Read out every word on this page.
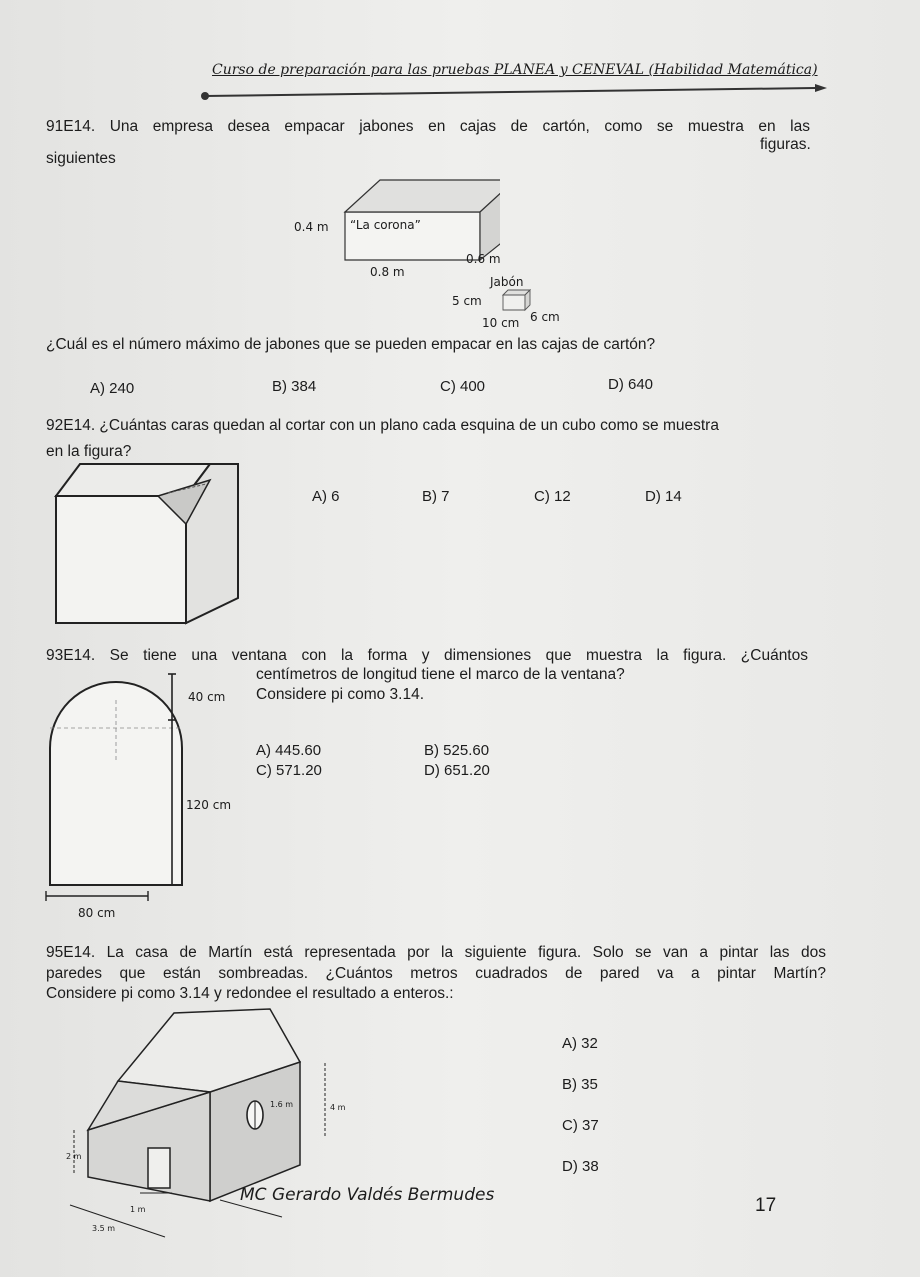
Curso de preparación para las pruebas PLANEA y CENEVAL (Habilidad Matemática)
91E14. Una empresa desea empacar jabones en cajas de cartón, como se muestra en las
siguientes
figuras.
0.4 m “La corona”
0.6 m
0.8 m
Jabón
5 cm
10 cm 6 cm
¿Cuál es el número máximo de jabones que se pueden empacar en las cajas de cartón?
A) 240	B) 384	C) 400	D) 640
92E14. ¿Cuántas caras quedan al cortar con un plano cada esquina de un cubo como se muestra
en la figura?
A) 6	B) 7	C) 12	D) 14
93E14. Se tiene una ventana con la forma y dimensiones que muestra la figura. ¿Cuántos
centímetros de longitud tiene el marco de la ventana?
Considere pi como 3.14.
40 cm
120 cm
80 cm
A) 445.60	B) 525.60
C) 571.20	D) 651.20
95E14. La casa de Martín está representada por la siguiente figura. Solo se van a pintar las dos
paredes que están sombreadas. ¿Cuántos metros cuadrados de pared va a pintar Martín?
Considere pi como 3.14 y redondee el resultado a enteros.:
1.6 m	4 m
2 m
1 m
3.5 m
A) 32
B) 35
C) 37
D) 38
MC Gerardo Valdés Bermudes	17
